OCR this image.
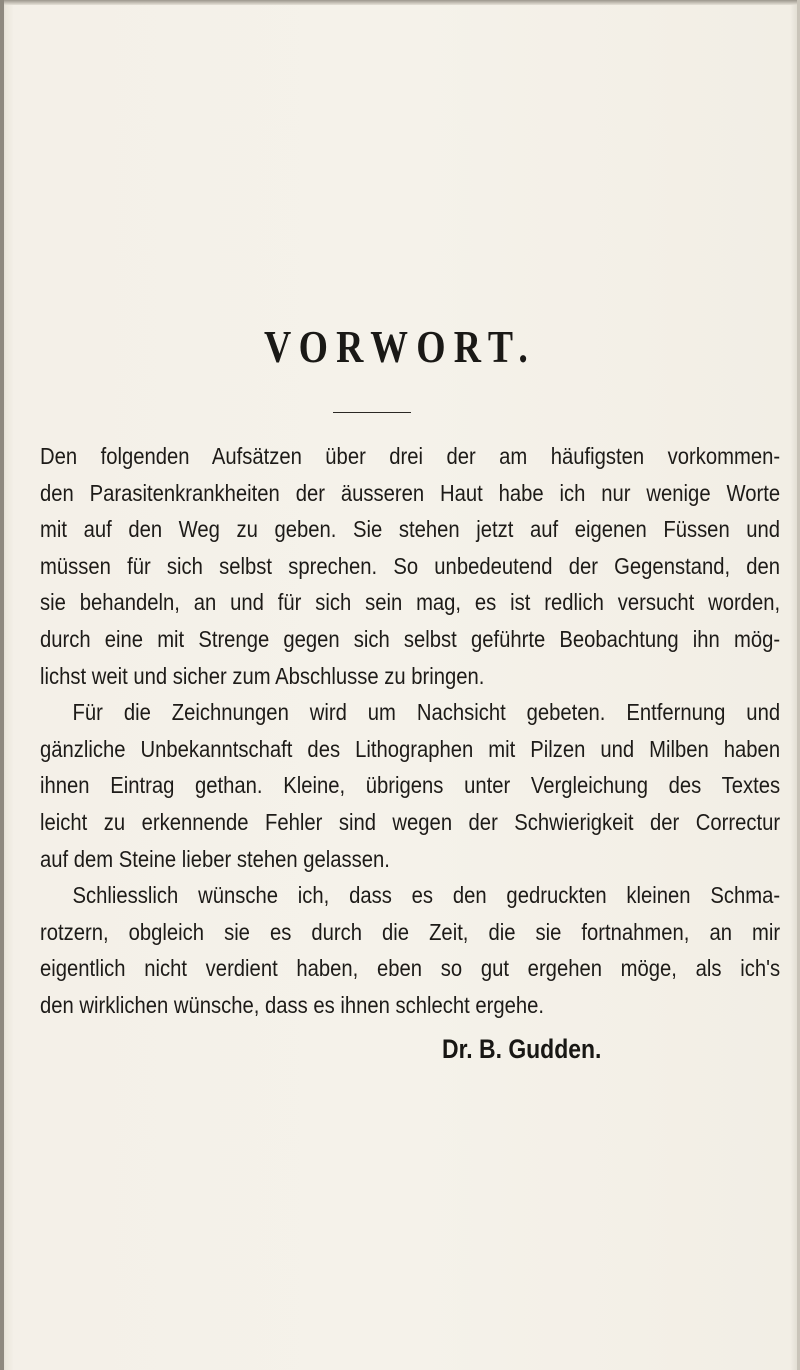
VORWORT.
Den folgenden Aufsätzen über drei der am häufigsten vorkommen-
den Parasitenkrankheiten der äusseren Haut habe ich nur wenige Worte
mit auf den Weg zu geben. Sie stehen jetzt auf eigenen Füssen und
müssen für sich selbst sprechen. So unbedeutend der Gegenstand, den
sie behandeln, an und für sich sein mag, es ist redlich versucht worden,
durch eine mit Strenge gegen sich selbst geführte Beobachtung ihn mög-
lichst weit und sicher zum Abschlusse zu bringen.
Für die Zeichnungen wird um Nachsicht gebeten. Entfernung und
gänzliche Unbekanntschaft des Lithographen mit Pilzen und Milben haben
ihnen Eintrag gethan. Kleine, übrigens unter Vergleichung des Textes
leicht zu erkennende Fehler sind wegen der Schwierigkeit der Correctur
auf dem Steine lieber stehen gelassen.
Schliesslich wünsche ich, dass es den gedruckten kleinen Schma-
rotzern, obgleich sie es durch die Zeit, die sie fortnahmen, an mir
eigentlich nicht verdient haben, eben so gut ergehen möge, als ich's
den wirklichen wünsche, dass es ihnen schlecht ergehe.

Dr. B. Gudden.
